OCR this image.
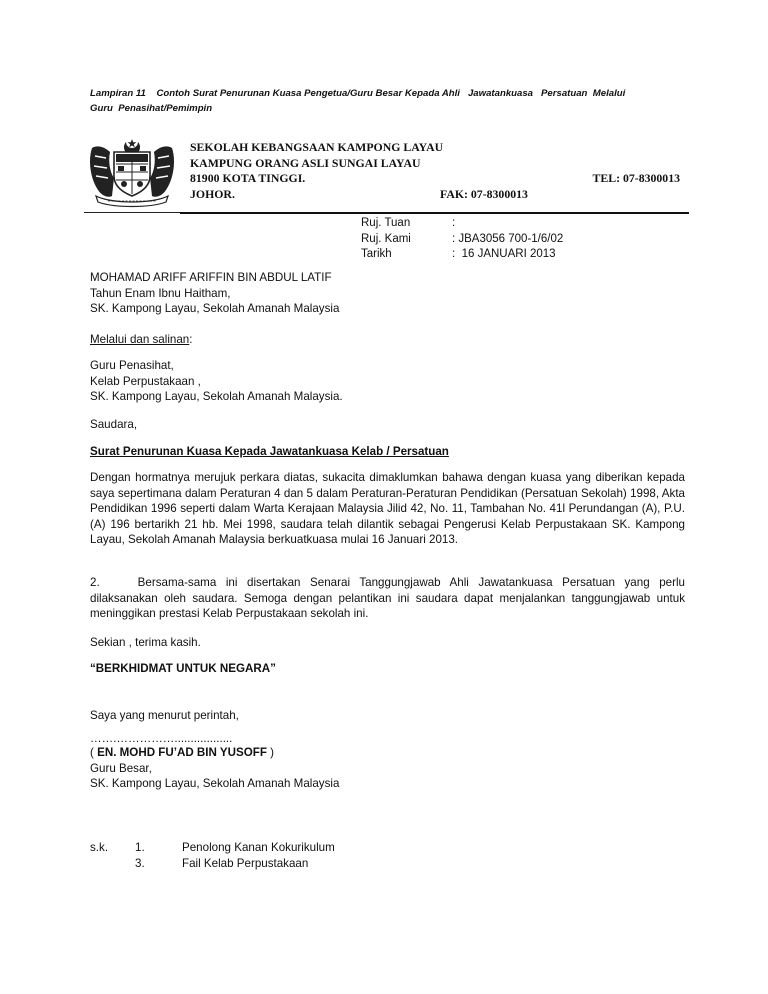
Lampiran 11    Contoh Surat Penurunan Kuasa Pengetua/Guru Besar Kepada Ahli   Jawatankuasa   Persatuan  Melalui
Guru  Penasihat/Pemimpin
SEKOLAH KEBANGSAAN KAMPONG LAYAU
KAMPUNG ORANG ASLI SUNGAI LAYAU
81900 KOTA TINGGI.	TEL: 07-8300013
JOHOR.	FAK: 07-8300013
Ruj. Tuan	:
Ruj. Kami	: JBA3056 700-1/6/02
Tarikh	:  16 JANUARI 2013
MOHAMAD ARIFF ARIFFIN BIN ABDUL LATIF
Tahun Enam Ibnu Haitham,
SK. Kampong Layau, Sekolah Amanah Malaysia
Melalui dan salinan:
Guru Penasihat,
Kelab Perpustakaan ,
SK. Kampong Layau, Sekolah Amanah Malaysia.
Saudara,
Surat Penurunan Kuasa Kepada Jawatankuasa Kelab / Persatuan
Dengan hormatnya merujuk perkara diatas, sukacita dimaklumkan bahawa dengan kuasa yang diberikan kepada saya sepertimana dalam Peraturan 4 dan 5 dalam Peraturan-Peraturan Pendidikan (Persatuan Sekolah) 1998, Akta Pendidikan 1996 seperti dalam Warta Kerajaan Malaysia Jilid 42, No. 11, Tambahan No. 41l Perundangan (A), P.U. (A) 196 bertarikh 21 hb. Mei 1998, saudara telah dilantik sebagai Pengerusi Kelab Perpustakaan SK. Kampong Layau, Sekolah Amanah Malaysia berkuatkuasa mulai 16 Januari 2013.
2.	Bersama-sama ini disertakan Senarai Tanggungjawab Ahli Jawatankuasa Persatuan yang perlu dilaksanakan oleh saudara. Semoga dengan pelantikan ini saudara dapat menjalankan tanggungjawab untuk meninggikan prestasi Kelab Perpustakaan sekolah ini.
Sekian , terima kasih.
“BERKHIDMAT UNTUK NEGARA”
Saya yang menurut perintah,
…….……………..................
( EN. MOHD FU’AD BIN YUSOFF )
Guru Besar,
SK. Kampong Layau, Sekolah Amanah Malaysia
s.k. 1.	Penolong Kanan Kokurikulum
3.	Fail Kelab Perpustakaan
